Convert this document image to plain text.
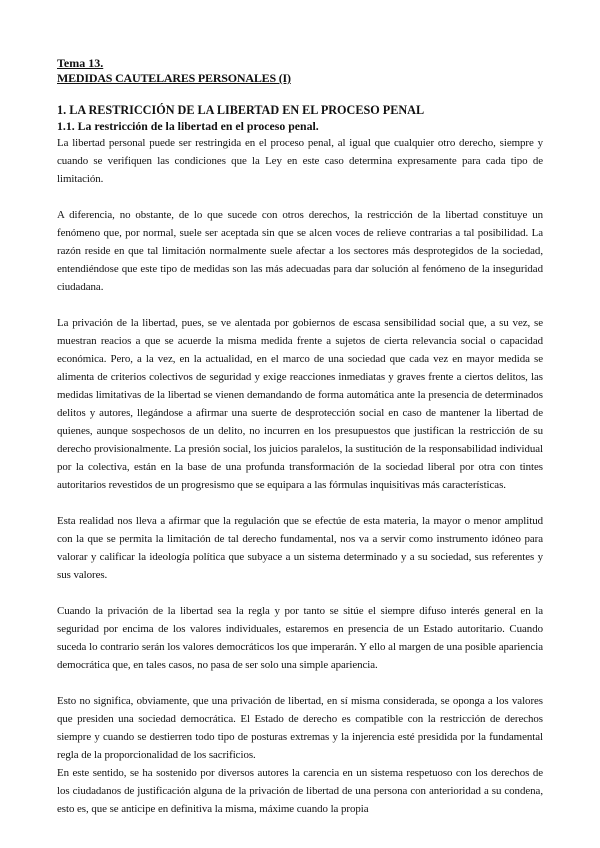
Tema 13.
MEDIDAS CAUTELARES PERSONALES (I)
1. LA RESTRICCIÓN DE LA LIBERTAD EN EL PROCESO PENAL
1.1. La restricción de la libertad en el proceso penal.

La libertad personal puede ser restringida en el proceso penal, al igual que cualquier otro derecho, siempre y cuando se verifiquen las condiciones que la Ley en este caso determina expresamente para cada tipo de limitación.

A diferencia, no obstante, de lo que sucede con otros derechos, la restricción de la libertad constituye un fenómeno que, por normal, suele ser aceptada sin que se alcen voces de relieve contrarias a tal posibilidad. La razón reside en que tal limitación normalmente suele afectar a los sectores más desprotegidos de la sociedad, entendiéndose que este tipo de medidas son las más adecuadas para dar solución al fenómeno de la inseguridad ciudadana.

La privación de la libertad, pues, se ve alentada por gobiernos de escasa sensibilidad social que, a su vez, se muestran reacios a que se acuerde la misma medida frente a sujetos de cierta relevancia social o capacidad económica. Pero, a la vez, en la actualidad, en el marco de una sociedad que cada vez en mayor medida se alimenta de criterios colectivos de seguridad y exige reacciones inmediatas y graves frente a ciertos delitos, las medidas limitativas de la libertad se vienen demandando de forma automática ante la presencia de determinados delitos y autores, llegándose a afirmar una suerte de desprotección social en caso de mantener la libertad de quienes, aunque sospechosos de un delito, no incurren en los presupuestos que justifican la restricción de su derecho provisionalmente. La presión social, los juicios paralelos, la sustitución de la responsabilidad individual por la colectiva, están en la base de una profunda transformación de la sociedad liberal por otra con tintes autoritarios revestidos de un progresismo que se equipara a las fórmulas inquisitivas más características.

Esta realidad nos lleva a afirmar que la regulación que se efectúe de esta materia, la mayor o menor amplitud con la que se permita la limitación de tal derecho fundamental, nos va a servir como instrumento idóneo para valorar y calificar la ideología política que subyace a un sistema determinado y a su sociedad, sus referentes y sus valores.

Cuando la privación de la libertad sea la regla y por tanto se sitúe el siempre difuso interés general en la seguridad por encima de los valores individuales, estaremos en presencia de un Estado autoritario. Cuando suceda lo contrario serán los valores democráticos los que imperarán. Y ello al margen de una posible apariencia democrática que, en tales casos, no pasa de ser solo una simple apariencia.

Esto no significa, obviamente, que una privación de libertad, en sí misma considerada, se oponga a los valores que presiden una sociedad democrática. El Estado de derecho es compatible con la restricción de derechos siempre y cuando se destierren todo tipo de posturas extremas y la injerencia esté presidida por la fundamental regla de la proporcionalidad de los sacrificios.

En este sentido, se ha sostenido por diversos autores la carencia en un sistema respetuoso con los derechos de los ciudadanos de justificación alguna de la privación de libertad de una persona con anterioridad a su condena, esto es, que se anticipe en definitiva la misma, máxime cuando la propia
